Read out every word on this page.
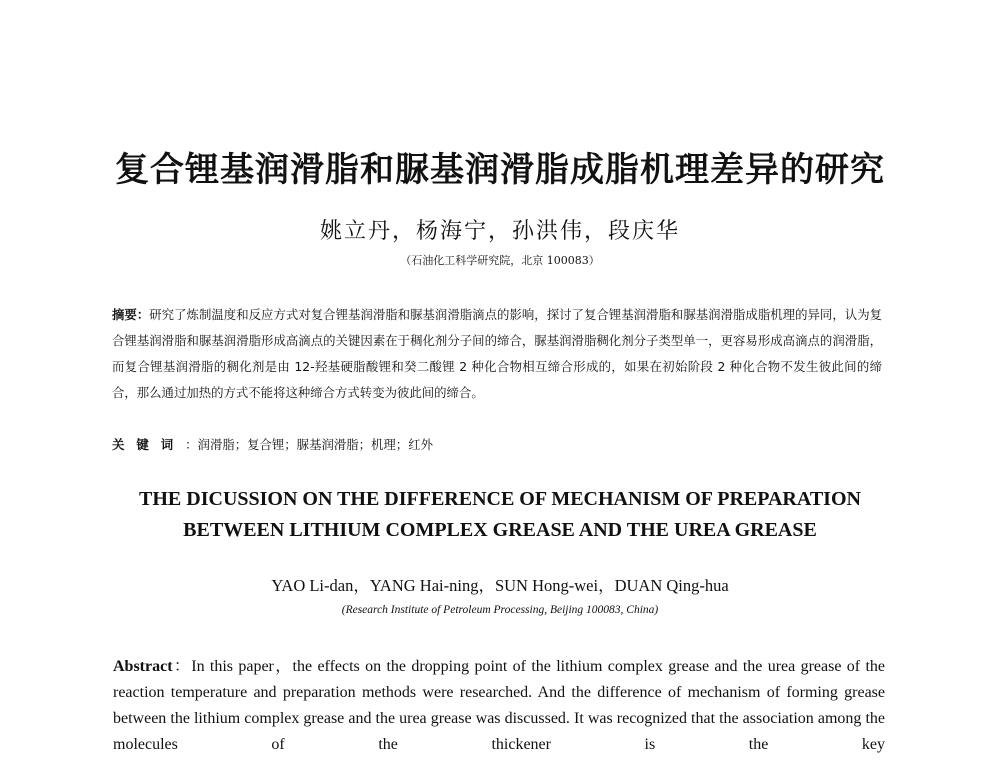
复合锂基润滑脂和脲基润滑脂成脂机理差异的研究
姚立丹，杨海宁，孙洪伟，段庆华
（石油化工科学研究院，北京 100083）
摘要：研究了炼制温度和反应方式对复合锂基润滑脂和脲基润滑脂滴点的影响，探讨了复合锂基润滑脂和脲基润滑脂成脂机理的异同，认为复合锂基润滑脂和脲基润滑脂形成高滴点的关键因素在于稠化剂分子间的缔合，脲基润滑脂稠化剂分子类型单一，更容易形成高滴点的润滑脂，而复合锂基润滑脂的稠化剂是由 12-羟基硬脂酸锂和癸二酸锂 2 种化合物相互缔合形成的，如果在初始阶段 2 种化合物不发生彼此间的缔合，那么通过加热的方式不能将这种缔合方式转变为彼此间的缔合。
关键词：润滑脂；复合锂；脲基润滑脂；机理；红外
THE DICUSSION ON THE DIFFERENCE OF MECHANISM OF PREPARATION
BETWEEN LITHIUM COMPLEX GREASE AND THE UREA GREASE
YAO Li-dan，YANG Hai-ning，SUN Hong-wei，DUAN Qing-hua
(Research Institute of Petroleum Processing, Beijing 100083, China)
Abstract：In this paper，the effects on the dropping point of the lithium complex grease and the urea grease of the reaction temperature and preparation methods were researched. And the difference of mechanism of forming grease between the lithium complex grease and the urea grease was discussed. It was recognized that the association among the molecules of the thickener is the key
